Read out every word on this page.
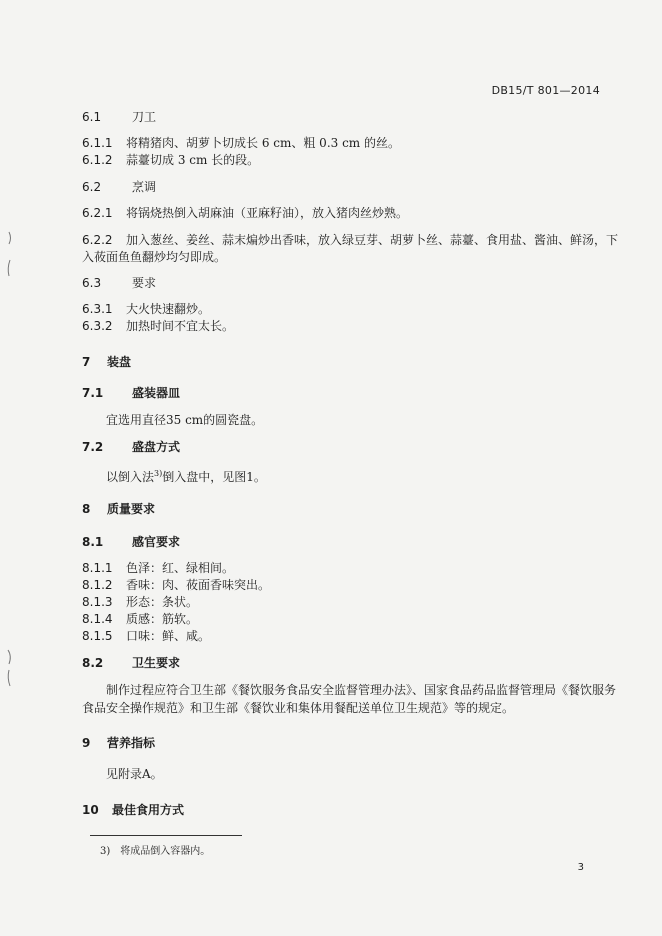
DB15/T 801—2014
6.1	刀工
6.1.1 将精猪肉、胡萝卜切成长 6 cm、粗 0.3 cm 的丝。
6.1.2 蒜薹切成 3 cm 长的段。
6.2	烹调
6.2.1 将锅烧热倒入胡麻油（亚麻籽油），放入猪肉丝炒熟。
6.2.2 加入葱丝、姜丝、蒜末煸炒出香味，放入绿豆芽、胡萝卜丝、蒜薹、食用盐、酱油、鲜汤，下
入莜面鱼鱼翻炒均匀即成。
6.3	要求
6.3.1 大火快速翻炒。
6.3.2 加热时间不宜太长。
7 装盘
7.1 盛装器皿
宜选用直径35 cm的圆瓷盘。
7.2 盛盘方式
以倒入法$^{3)}$倒入盘中，见图1。
8 质量要求
8.1 感官要求
8.1.1 色泽：红、绿相间。
8.1.2 香味：肉、莜面香味突出。
8.1.3 形态：条状。
8.1.4 质感：筋软。
8.1.5 口味：鲜、咸。
8.2 卫生要求
制作过程应符合卫生部《餐饮服务食品安全监督管理办法》、国家食品药品监督管理局《餐饮服务
食品安全操作规范》和卫生部《餐饮业和集体用餐配送单位卫生规范》等的规定。
9 营养指标
见附录A。
10 最佳食用方式
3)　将成品倒入容器内。
3
